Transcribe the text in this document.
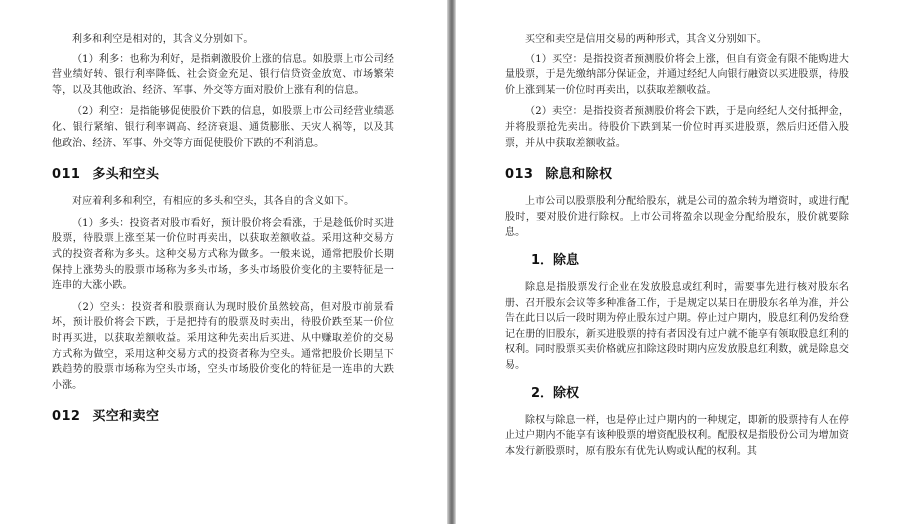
利多和利空是相对的，其含义分别如下。

（1）利多：也称为利好，是指刺激股价上涨的信息。如股票上市公司经营业绩好转、银行利率降低、社会资金充足、银行信贷资金放宽、市场繁荣等，以及其他政治、经济、军事、外交等方面对股价上涨有利的信息。

（2）利空：是指能够促使股价下跌的信息，如股票上市公司经营业绩恶化、银行紧缩、银行利率调高、经济衰退、通货膨胀、天灾人祸等，以及其他政治、经济、军事、外交等方面促使股价下跌的不利消息。

011 多头和空头

对应着利多和利空，有相应的多头和空头，其各自的含义如下。

（1）多头：投资者对股市看好，预计股价将会看涨，于是趁低价时买进股票，待股票上涨至某一价位时再卖出，以获取差额收益。采用这种交易方式的投资者称为多头。这种交易方式称为做多。一般来说，通常把股价长期保持上涨势头的股票市场称为多头市场，多头市场股价变化的主要特征是一连串的大涨小跌。

（2）空头：投资者和股票商认为现时股价虽然较高，但对股市前景看坏，预计股价将会下跌，于是把持有的股票及时卖出，待股价跌至某一价位时再买进，以获取差额收益。采用这种先卖出后买进、从中赚取差价的交易方式称为做空，采用这种交易方式的投资者称为空头。通常把股价长期呈下跌趋势的股票市场称为空头市场，空头市场股价变化的特征是一连串的大跌小涨。

012 买空和卖空

买空和卖空是信用交易的两种形式，其含义分别如下。

（1）买空：是指投资者预测股价将会上涨，但自有资金有限不能购进大量股票，于是先缴纳部分保证金，并通过经纪人向银行融资以买进股票，待股价上涨到某一价位时再卖出，以获取差额收益。

（2）卖空：是指投资者预测股价将会下跌，于是向经纪人交付抵押金，并将股票抢先卖出。待股价下跌到某一价位时再买进股票，然后归还借入股票，并从中获取差额收益。

013 除息和除权

上市公司以股票股利分配给股东，就是公司的盈余转为增资时，或进行配股时，要对股价进行除权。上市公司将盈余以现金分配给股东，股价就要除息。

1．除息

除息是指股票发行企业在发放股息或红利时，需要事先进行核对股东名册、召开股东会议等多种准备工作，于是规定以某日在册股东名单为准，并公告在此日以后一段时期为停止股东过户期。停止过户期内，股息红利仍发给登记在册的旧股东，新买进股票的持有者因没有过户就不能享有领取股息红利的权利。同时股票买卖价格就应扣除这段时期内应发放股息红利数，就是除息交易。

2．除权

除权与除息一样，也是停止过户期内的一种规定，即新的股票持有人在停止过户期内不能享有该种股票的增资配股权利。配股权是指股份公司为增加资本发行新股票时，原有股东有优先认购或认配的权利。其
